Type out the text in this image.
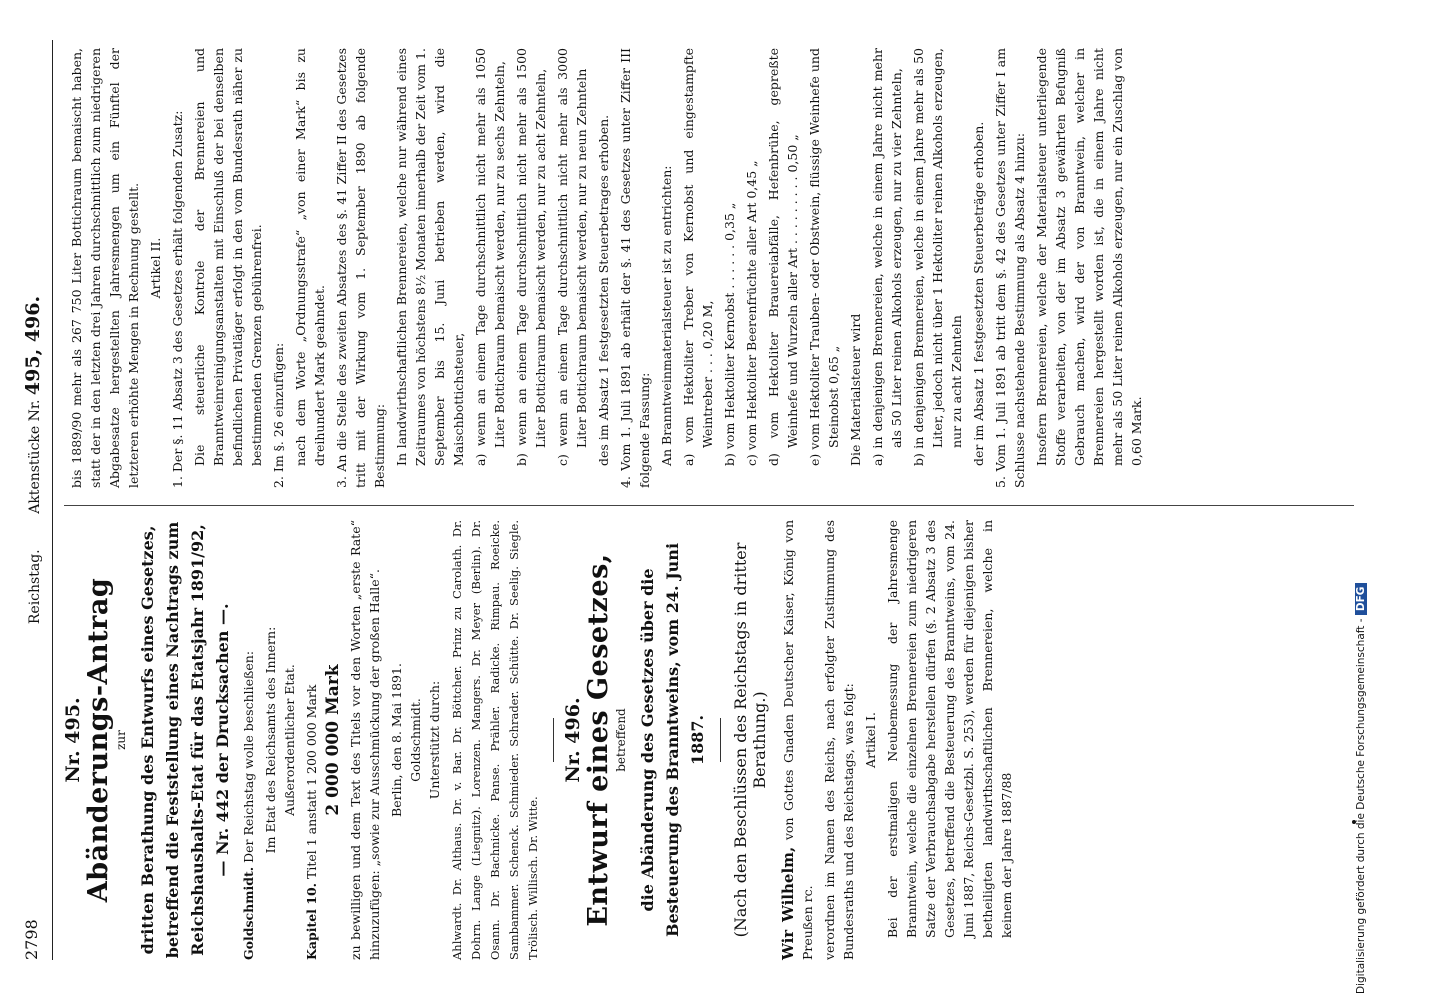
2798
Reichstag.        Aktenstücke Nr. 495, 496.
Nr. 495. Abänderungs-Antrag zur dritten Berathung des Entwurfs eines Gesetzes, betreffend die Feststellung eines Nachtrags zum Reichshaushalts-Etat für das Etatsjahr 1891/92, — Nr. 442 der Drucksachen —.
Goldschmidt. Der Reichstag wolle beschließen: Im Etat des Reichsamts des Innern: Außerordentlicher Etat.
Kapitel 10. Titel 1 anstatt 1 200 000 Mark 2 000 000 Mark zu bewilligen und dem Text des Titels vor den Worten „erste Rate“ hinzuzufügen: „sowie zur Ausschmückung der großen Halle“. Berlin, den 8. Mai 1891. Goldschmidt. Unterstützt durch: Ahlwardt. Dr. Althaus. Dr. v. Bar. Dr. Böttcher. Prinz zu Carolath. Dr. Dohrn. Lange (Liegnitz). Lorenzen. Mangers. Dr. Meyer (Berlin). Dr. Osann. Dr. Bachnicke. Panse. Prähler. Radicke. Rimpau. Roeicke. Sambammer. Schenck. Schmieder. Schrader. Schütte. Dr. Seelig. Siegle. Trölisch. Willisch. Dr. Witte.
Nr. 496. Entwurf eines Gesetzes, betreffend die Abänderung des Gesetzes über die Besteuerung des Branntweins, vom 24. Juni 1887. (Nach den Beschlüssen des Reichstags in dritter Berathung.)
Wir Wilhelm, von Gottes Gnaden Deutscher Kaiser, König von Preußen rc. verordnen im Namen des Reichs, nach erfolgter Zustimmung des Bundesraths und des Reichstags, was folgt: Artikel I. Bei der erstmaligen Neubemessung der Jahresmenge Branntwein, welche die einzelnen Brennereien zum niedrigeren Satze der Verbrauchsabgabe herstellen dürfen (§. 2 Absatz 3 des Gesetzes, betreffend die Besteuerung des Branntweins, vom 24. Juni 1887, Reichs-Gesetzbl. S. 253), werden für diejenigen bisher betheiligten landwirthschaftlichen Brennereien, welche in keinem der Jahre 1887/88
bis 1889/90 mehr als 267 750 Liter Bottichraum bemaischt haben, statt der in den letzten drei Jahren durchschnittlich zum niedrigeren Abgabesatze hergestellten Jahresmengen um ein Fünftel der letzteren erhöhte Mengen in Rechnung gestellt. Artikel II. 1. Der §. 11 Absatz 3 des Gesetzes erhält folgenden Zusatz: Die steuerliche Kontrole der Brennereien und Branntweinreinigungsanstalten mit Einschluß der bei denselben befindlichen Privatläger erfolgt in den vom Bundesrath näher zu bestimmenden Grenzen gebührenfrei. 2. Im §. 26 einzufügen: nach dem Worte „Ordnungsstrafe“ „von einer Mark“ bis zu dreihundert Mark geahndet. 3. An die Stelle des zweiten Absatzes des §. 41 Ziffer II des Gesetzes tritt mit der Wirkung vom 1. September 1890 ab folgende Bestimmung: In landwirthschaftlichen Brennereien, welche nur während eines Zeitraumes von höchstens 8½ Monaten innerhalb der Zeit vom 1. September bis 15. Juni betrieben werden, wird die Maischbottichsteuer, a) wenn an einem Tage durchschnittlich nicht mehr als 1050 Liter Bottichraum bemaischt werden, nur zu sechs Zehnteln, b) wenn an einem Tage durchschnittlich nicht mehr als 1500 Liter Bottichraum bemaischt werden, nur zu acht Zehnteln, c) wenn an einem Tage durchschnittlich nicht mehr als 3000 Liter Bottichraum bemaischt werden, nur zu neun Zehnteln des im Absatz 1 festgesetzten Steuerbetrages erhoben. 4. Vom 1. Juli 1891 ab erhält der §. 41 des Gesetzes unter Ziffer III folgende Fassung: An Branntweinmaterialsteuer ist zu entrichten: a) vom Hektoliter Treber von Kernobst und eingestampfte Weintreber . . . 0,20 M, b) vom Hektoliter Kernobst . . . . . . 0,35 „ c) vom Hektoliter Beerenfrüchte aller Art 0,45 „ d) vom Hektoliter Brauereiabfälle, Hefenbrühe, gepreßte Weinhefe und Wurzeln aller Art . . . . . . . . . 0,50 „ e) vom Hektoliter Trauben- oder Obstwein, flüssige Weinhefe und Steinobst 0,65 „ Die Materialsteuer wird a) in denjenigen Brennereien, welche in einem Jahre nicht mehr als 50 Liter reinen Alkohols erzeugen, nur zu vier Zehnteln, b) in denjenigen Brennereien, welche in einem Jahre mehr als 50 Liter, jedoch nicht über 1 Hektoliter reinen Alkohols erzeugen, nur zu acht Zehnteln der im Absatz 1 festgesetzten Steuerbeträge erhoben. 5. Vom 1. Juli 1891 ab tritt dem §. 42 des Gesetzes unter Ziffer I am Schlusse nachstehende Bestimmung als Absatz 4 hinzu: Insofern Brennereien, welche der Materialsteuer unterliegende Stoffe verarbeiten, von der im Absatz 3 gewährten Befugniß Gebrauch machen, wird der von Branntwein, welcher in Brennereien hergestellt worden ist, die in einem Jahre nicht mehr als 50 Liter reinen Alkohols erzeugen, nur ein Zuschlag von 0,60 Mark.
Digitalisierung gefördert durch die Deutsche Forschungsgemeinschaft - DFG
